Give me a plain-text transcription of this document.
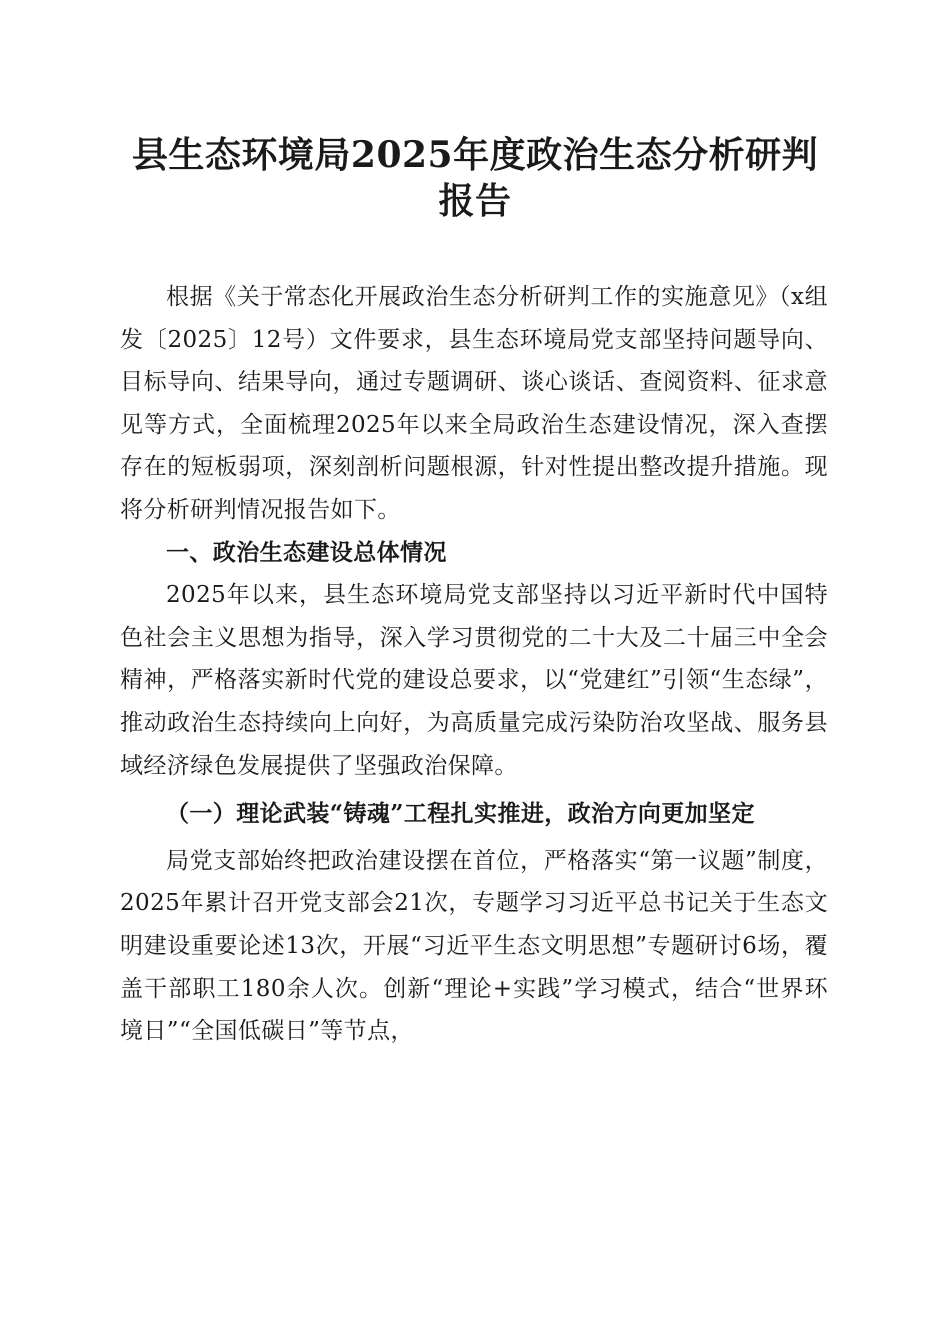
县生态环境局2025年度政治生态分析研判报告

根据《关于常态化开展政治生态分析研判工作的实施意见》（x组发〔2025〕12号）文件要求，县生态环境局党支部坚持问题导向、目标导向、结果导向，通过专题调研、谈心谈话、查阅资料、征求意见等方式，全面梳理2025年以来全局政治生态建设情况，深入查摆存在的短板弱项，深刻剖析问题根源，针对性提出整改提升措施。现将分析研判情况报告如下。

一、政治生态建设总体情况

2025年以来，县生态环境局党支部坚持以习近平新时代中国特色社会主义思想为指导，深入学习贯彻党的二十大及二十届三中全会精神，严格落实新时代党的建设总要求，以“党建红”引领“生态绿”，推动政治生态持续向上向好，为高质量完成污染防治攻坚战、服务县域经济绿色发展提供了坚强政治保障。

（一）理论武装“铸魂”工程扎实推进，政治方向更加坚定

局党支部始终把政治建设摆在首位，严格落实“第一议题”制度，2025年累计召开党支部会21次，专题学习习近平总书记关于生态文明建设重要论述13次，开展“习近平生态文明思想”专题研讨6场，覆盖干部职工180余人次。创新“理论+实践”学习模式，结合“世界环境日”“全国低碳日”等节点，
